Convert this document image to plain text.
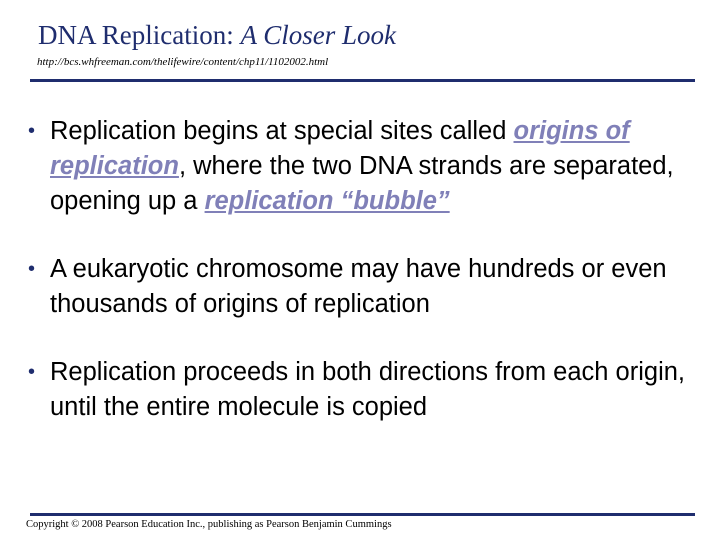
DNA Replication: A Closer Look

http://bcs.whfreeman.com/thelifewire/content/chp11/1102002.html

• Replication begins at special sites called origins of replication, where the two DNA strands are separated, opening up a replication “bubble”
• A eukaryotic chromosome may have hundreds or even thousands of origins of replication
• Replication proceeds in both directions from each origin, until the entire molecule is copied

Copyright © 2008 Pearson Education Inc., publishing as Pearson Benjamin Cummings
